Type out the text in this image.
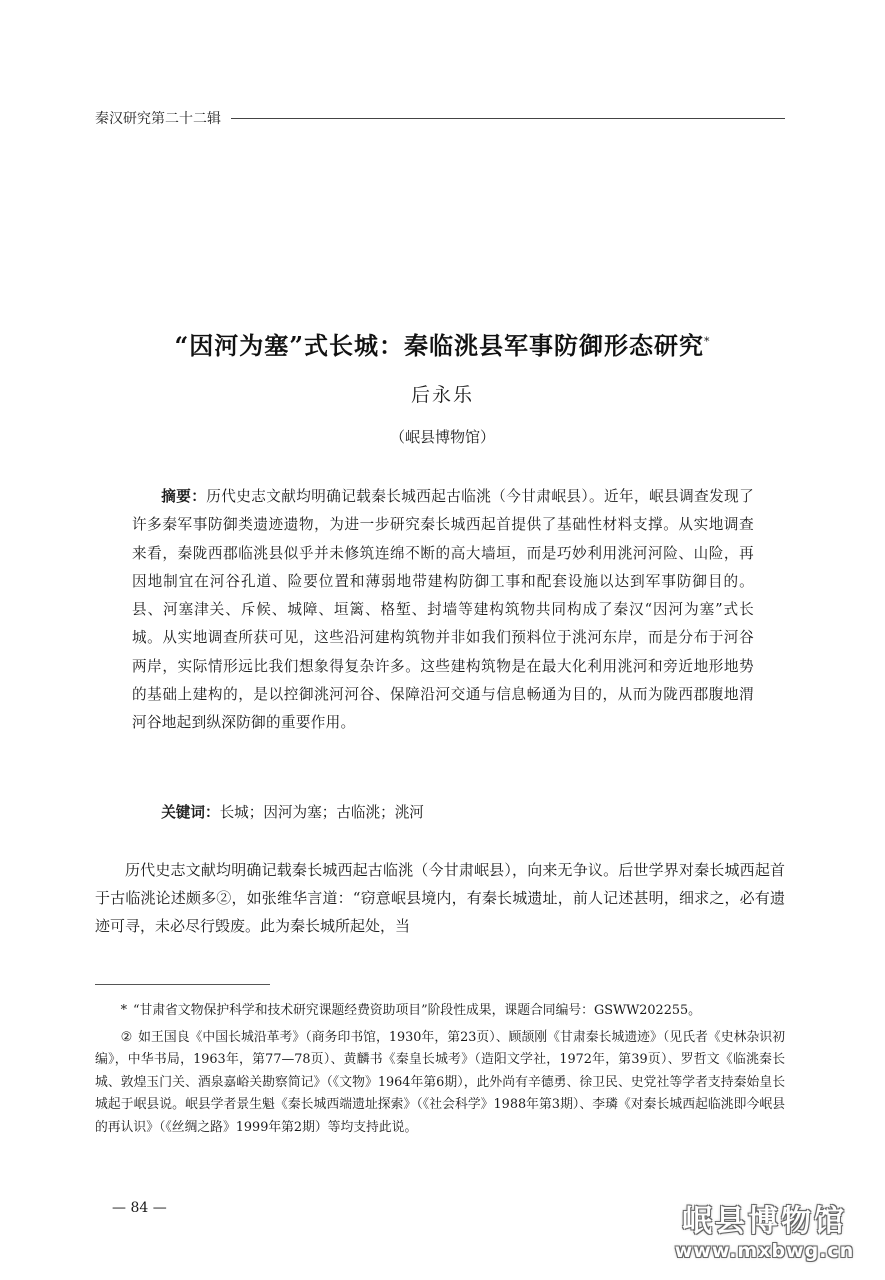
秦汉研究第二十二辑
“因河为塞”式长城：秦临洮县军事防御形态研究*
后永乐
（岷县博物馆）

摘要：历代史志文献均明确记载秦长城西起古临洮（今甘肃岷县）。近年，岷县调查发现了许多秦军事防御类遗迹遗物，为进一步研究秦长城西起首提供了基础性材料支撑。从实地调查来看，秦陇西郡临洮县似乎并未修筑连绵不断的高大墙垣，而是巧妙利用洮河河险、山险，再因地制宜在河谷孔道、险要位置和薄弱地带建构防御工事和配套设施以达到军事防御目的。县、河塞津关、斥候、城障、垣篱、格堑、封墙等建构筑物共同构成了秦汉“因河为塞”式长城。从实地调查所获可见，这些沿河建构筑物并非如我们预料位于洮河东岸，而是分布于河谷两岸，实际情形远比我们想象得复杂许多。这些建构筑物是在最大化利用洮河和旁近地形地势的基础上建构的，是以控御洮河河谷、保障沿河交通与信息畅通为目的，从而为陇西郡腹地渭河谷地起到纵深防御的重要作用。

关键词：长城；因河为塞；古临洮；洮河

历代史志文献均明确记载秦长城西起古临洮（今甘肃岷县），向来无争议。后世学界对秦长城西起首于古临洮论述颇多②，如张维华言道：“窃意岷县境内，有秦长城遗址，前人记述甚明，细求之，必有遗迹可寻，未必尽行毁废。此为秦长城所起处，当

* “甘肃省文物保护科学和技术研究课题经费资助项目”阶段性成果，课题合同编号：GSWW202255。

② 如王国良《中国长城沿革考》（商务印书馆，1930年，第23页）、顾颉刚《甘肃秦长城遗迹》（见氏者《史林杂识初编》，中华书局，1963年，第77—78页）、黄麟书《秦皇长城考》（造阳文学社，1972年，第39页）、罗哲文《临洮秦长城、敦煌玉门关、酒泉嘉峪关勘察简记》（《文物》1964年第6期），此外尚有辛德勇、徐卫民、史党社等学者支持秦始皇长城起于岷县说。岷县学者景生魁《秦长城西端遗址探索》（《社会科学》1988年第3期）、李璘《对秦长城西起临洮即今岷县的再认识》（《丝绸之路》1999年第2期）等均支持此说。

— 84 —	岷县博物馆
www.mxbwg.cn
